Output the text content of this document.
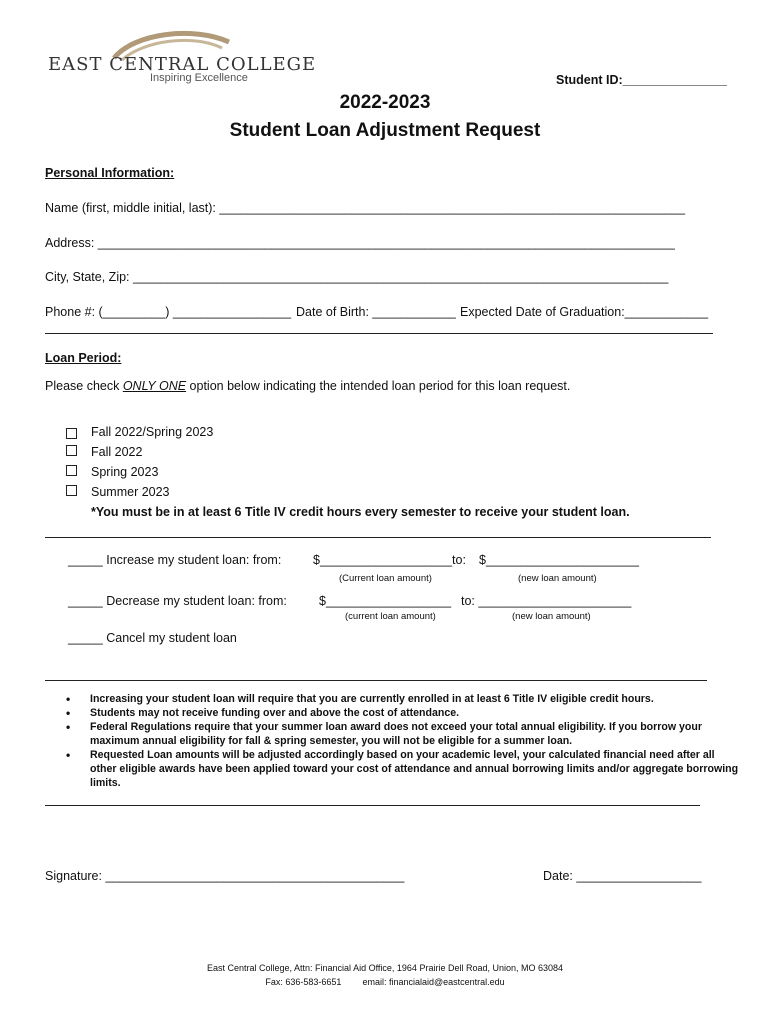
EAST CENTRAL COLLEGE
Inspiring Excellence	Student ID:_______________
2022-2023
Student Loan Adjustment Request
Personal Information:
Name (first, middle initial, last): ___________________________________________________________________
Address: ___________________________________________________________________________________
City, State, Zip: _____________________________________________________________________________
Phone #: (_________) _________________ Date of Birth: ____________ Expected Date of Graduation:____________
Loan Period:
Please check ONLY ONE option below indicating the intended loan period for this loan request.
Fall 2022/Spring 2023
Fall 2022
Spring 2023
Summer 2023
*You must be in at least 6 Title IV credit hours every semester to receive your student loan.
_____ Increase my student loan: from:	$___________________to: $______________________
(Current loan amount)	(new loan amount)
_____ Decrease my student loan: from:	$__________________ to: ______________________
(current loan amount)	(new loan amount)
_____ Cancel my student loan
• Increasing your student loan will require that you are currently enrolled in at least 6 Title IV eligible credit hours.
• Students may not receive funding over and above the cost of attendance.
• Federal Regulations require that your summer loan award does not exceed your total annual eligibility. If you borrow your maximum annual eligibility for fall & spring semester, you will not be eligible for a summer loan.
• Requested Loan amounts will be adjusted accordingly based on your academic level, your calculated financial need after all other eligible awards have been applied toward your cost of attendance and annual borrowing limits and/or aggregate borrowing limits.
Signature: ___________________________________________	Date: __________________
East Central College, Attn: Financial Aid Office, 1964 Prairie Dell Road, Union, MO 63084
Fax: 636-583-6651 email: financialaid@eastcentral.edu
